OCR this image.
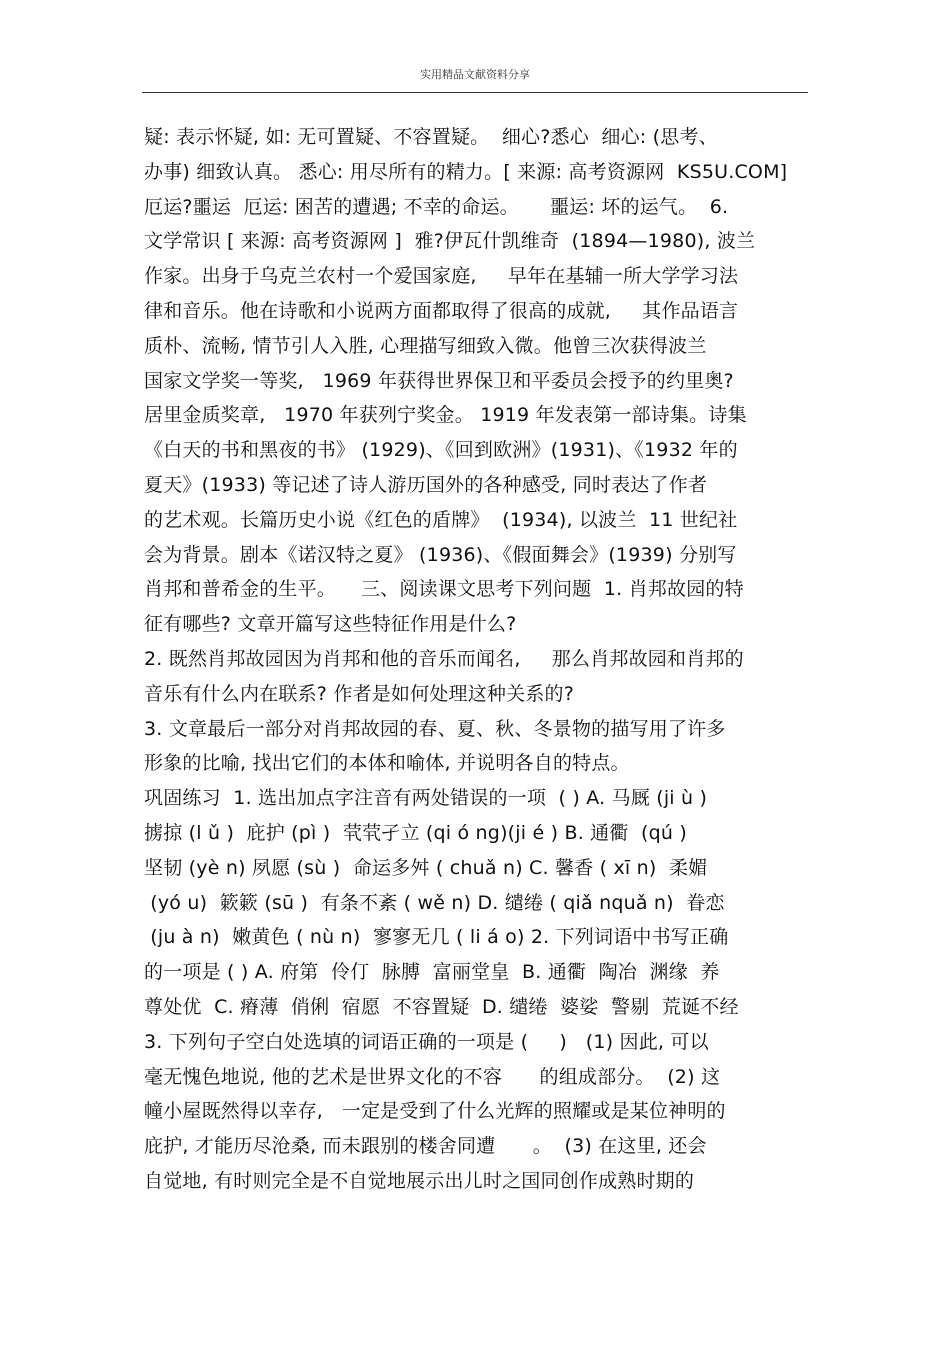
实用精品文献资料分享
疑: 表示怀疑, 如: 无可置疑、不容置疑。  细心?悉心  细心: (思考、
办事) 细致认真。 悉心: 用尽所有的精力。[ 来源: 高考资源网  KS5U.COM]
厄运?噩运  厄运: 困苦的遭遇; 不幸的命运。     噩运: 坏的运气。  6.
文学常识 [ 来源: 高考资源网 ]  雅?伊瓦什凯维奇  (1894—1980), 波兰
作家。出身于乌克兰农村一个爱国家庭,     早年在基辅一所大学学习法
律和音乐。他在诗歌和小说两方面都取得了很高的成就,     其作品语言
质朴、流畅, 情节引人入胜, 心理描写细致入微。他曾三次获得波兰
国家文学奖一等奖,   1969 年获得世界保卫和平委员会授予的约里奥?
居里金质奖章,   1970 年获列宁奖金。 1919 年发表第一部诗集。诗集
《白天的书和黑夜的书》 (1929)、《回到欧洲》(1931)、《1932 年的
夏天》(1933) 等记述了诗人游历国外的各种感受, 同时表达了作者
的艺术观。长篇历史小说《红色的盾牌》  (1934), 以波兰  11 世纪社
会为背景。剧本《诺汉特之夏》 (1936)、《假面舞会》(1939) 分别写
肖邦和普希金的生平。    三、阅读课文思考下列问题  1. 肖邦故园的特
征有哪些? 文章开篇写这些特征作用是什么?
2. 既然肖邦故园因为肖邦和他的音乐而闻名,     那么肖邦故园和肖邦的
音乐有什么内在联系? 作者是如何处理这种关系的?
3. 文章最后一部分对肖邦故园的春、夏、秋、冬景物的描写用了许多
形象的比喻, 找出它们的本体和喻体, 并说明各自的特点。
巩固练习  1. 选出加点字注音有两处错误的一项  ( ) A. 马厩 (ji ù )
掳掠 (l ǔ )  庇护 (pì )  茕茕孑立 (qi ó ng)(ji é ) B. 通衢  (qú )
坚韧 (yè n) 夙愿 (sù )  命运多舛 ( chuǎ n) C. 馨香 ( xī n)  柔媚
(yó u)  簌簌 (sū )  有条不紊 ( wě n) D. 缱绻 ( qiǎ nquǎ n)  眷恋
(ju à n)  嫩黄色 ( nù n)  寥寥无几 ( li á o) 2. 下列词语中书写正确
的一项是 ( ) A. 府第  伶仃  脉膊  富丽堂皇  B. 通衢  陶冶  渊缘  养
尊处优  C. 瘠薄  俏俐  宿愿  不容置疑  D. 缱绻  婆娑  警剔  荒诞不经
3. 下列句子空白处选填的词语正确的一项是 (     )   (1) 因此, 可以
毫无愧色地说, 他的艺术是世界文化的不容      的组成部分。  (2) 这
幢小屋既然得以幸存,   一定是受到了什么光辉的照耀或是某位神明的
庇护, 才能历尽沧桑, 而未跟别的楼舍同遭      。  (3) 在这里, 还会
自觉地, 有时则完全是不自觉地展示出儿时之国同创作成熟时期的
